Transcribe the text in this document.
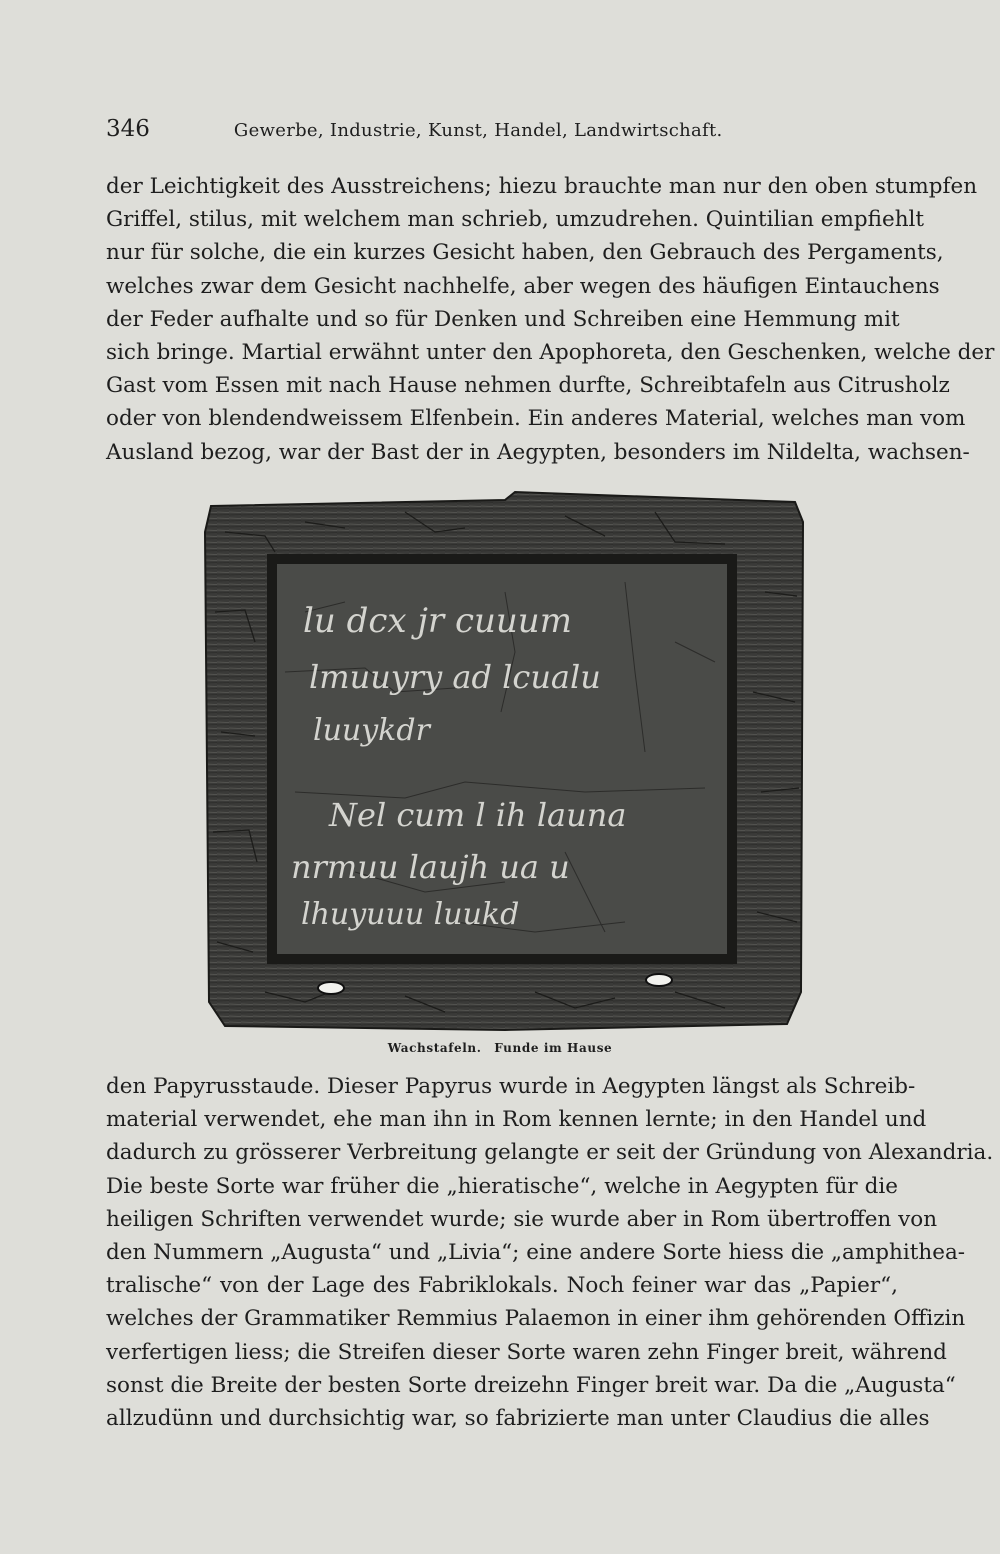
346	Gewerbe, Industrie, Kunst, Handel, Landwirtschaft.
der Leichtigkeit des Ausstreichens; hiezu brauchte man nur den oben stumpfen
Griffel, stilus, mit welchem man schrieb, umzudrehen. Quintilian empfiehlt
nur für solche, die ein kurzes Gesicht haben, den Gebrauch des Pergaments,
welches zwar dem Gesicht nachhelfe, aber wegen des häufigen Eintauchens
der Feder aufhalte und so für Denken und Schreiben eine Hemmung mit
sich bringe. Martial erwähnt unter den Apophoreta, den Geschenken, welche der
Gast vom Essen mit nach Hause nehmen durfte, Schreibtafeln aus Citrusholz
oder von blendendweissem Elfenbein. Ein anderes Material, welches man vom
Ausland bezog, war der Bast der in Aegypten, besonders im Nildelta, wachsen-
lu dcx jr cuuum
lmuuyry ad lcualu
luuykdr
Nel cum l ih launa
nrmuu laujh ua u
lhuyuuu luukd
Wachstafeln. Funde im Hause
den Papyrusstaude. Dieser Papyrus wurde in Aegypten längst als Schreib-
material verwendet, ehe man ihn in Rom kennen lernte; in den Handel und
dadurch zu grösserer Verbreitung gelangte er seit der Gründung von Alexandria.
Die beste Sorte war früher die „hieratische“, welche in Aegypten für die
heiligen Schriften verwendet wurde; sie wurde aber in Rom übertroffen von
den Nummern „Augusta“ und „Livia“; eine andere Sorte hiess die „amphithea-
tralische“ von der Lage des Fabriklokals. Noch feiner war das „Papier“,
welches der Grammatiker Remmius Palaemon in einer ihm gehörenden Offizin
verfertigen liess; die Streifen dieser Sorte waren zehn Finger breit, während
sonst die Breite der besten Sorte dreizehn Finger breit war. Da die „Augusta“
allzudünn und durchsichtig war, so fabrizierte man unter Claudius die alles
